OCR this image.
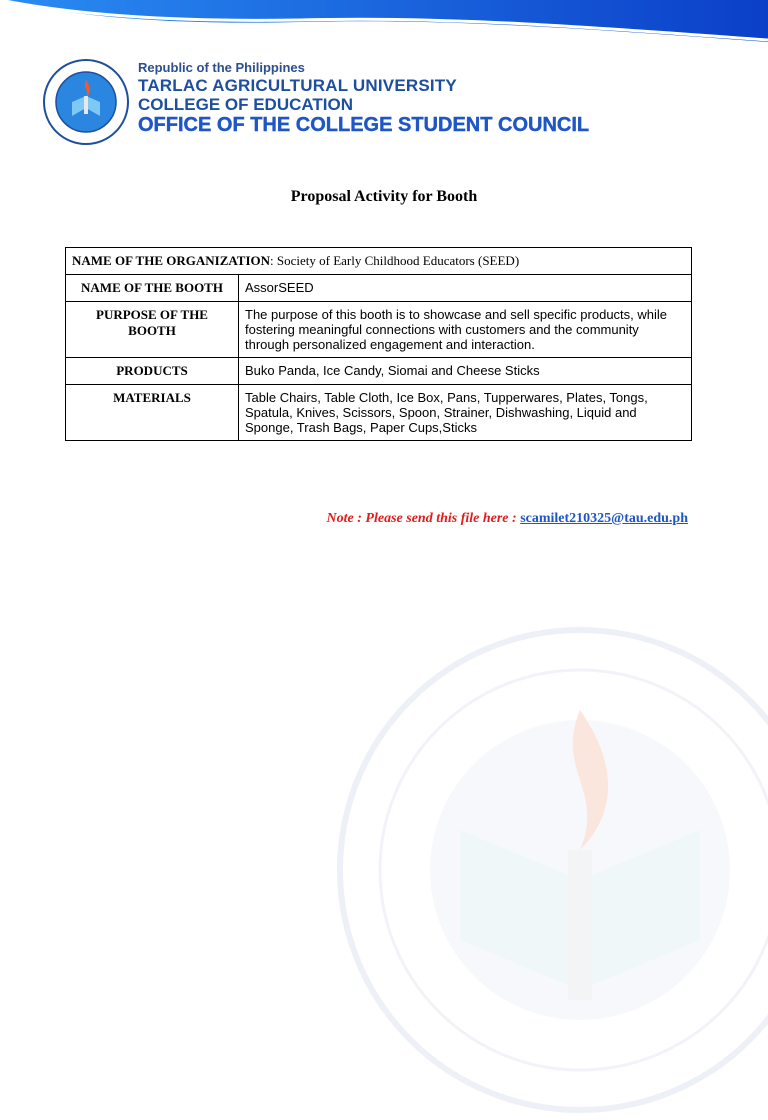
Republic of the Philippines
TARLAC AGRICULTURAL UNIVERSITY
COLLEGE OF EDUCATION
OFFICE OF THE COLLEGE STUDENT COUNCIL
Proposal Activity for Booth
NAME OF THE ORGANIZATION: Society of Early Childhood Educators (SEED)	
NAME OF THE BOOTH	AssorSEED
PURPOSE OF THE BOOTH	The purpose of this booth is to showcase and sell specific products, while fostering meaningful connections with customers and the community through personalized engagement and interaction.
PRODUCTS	Buko Panda, Ice Candy, Siomai and Cheese Sticks
MATERIALS	Table Chairs, Table Cloth, Ice Box, Pans, Tupperwares, Plates, Tongs, Spatula, Knives, Scissors, Spoon, Strainer, Dishwashing, Liquid and Sponge, Trash Bags, Paper Cups,Sticks
Note : Please send this file here : scamilet210325@tau.edu.ph
